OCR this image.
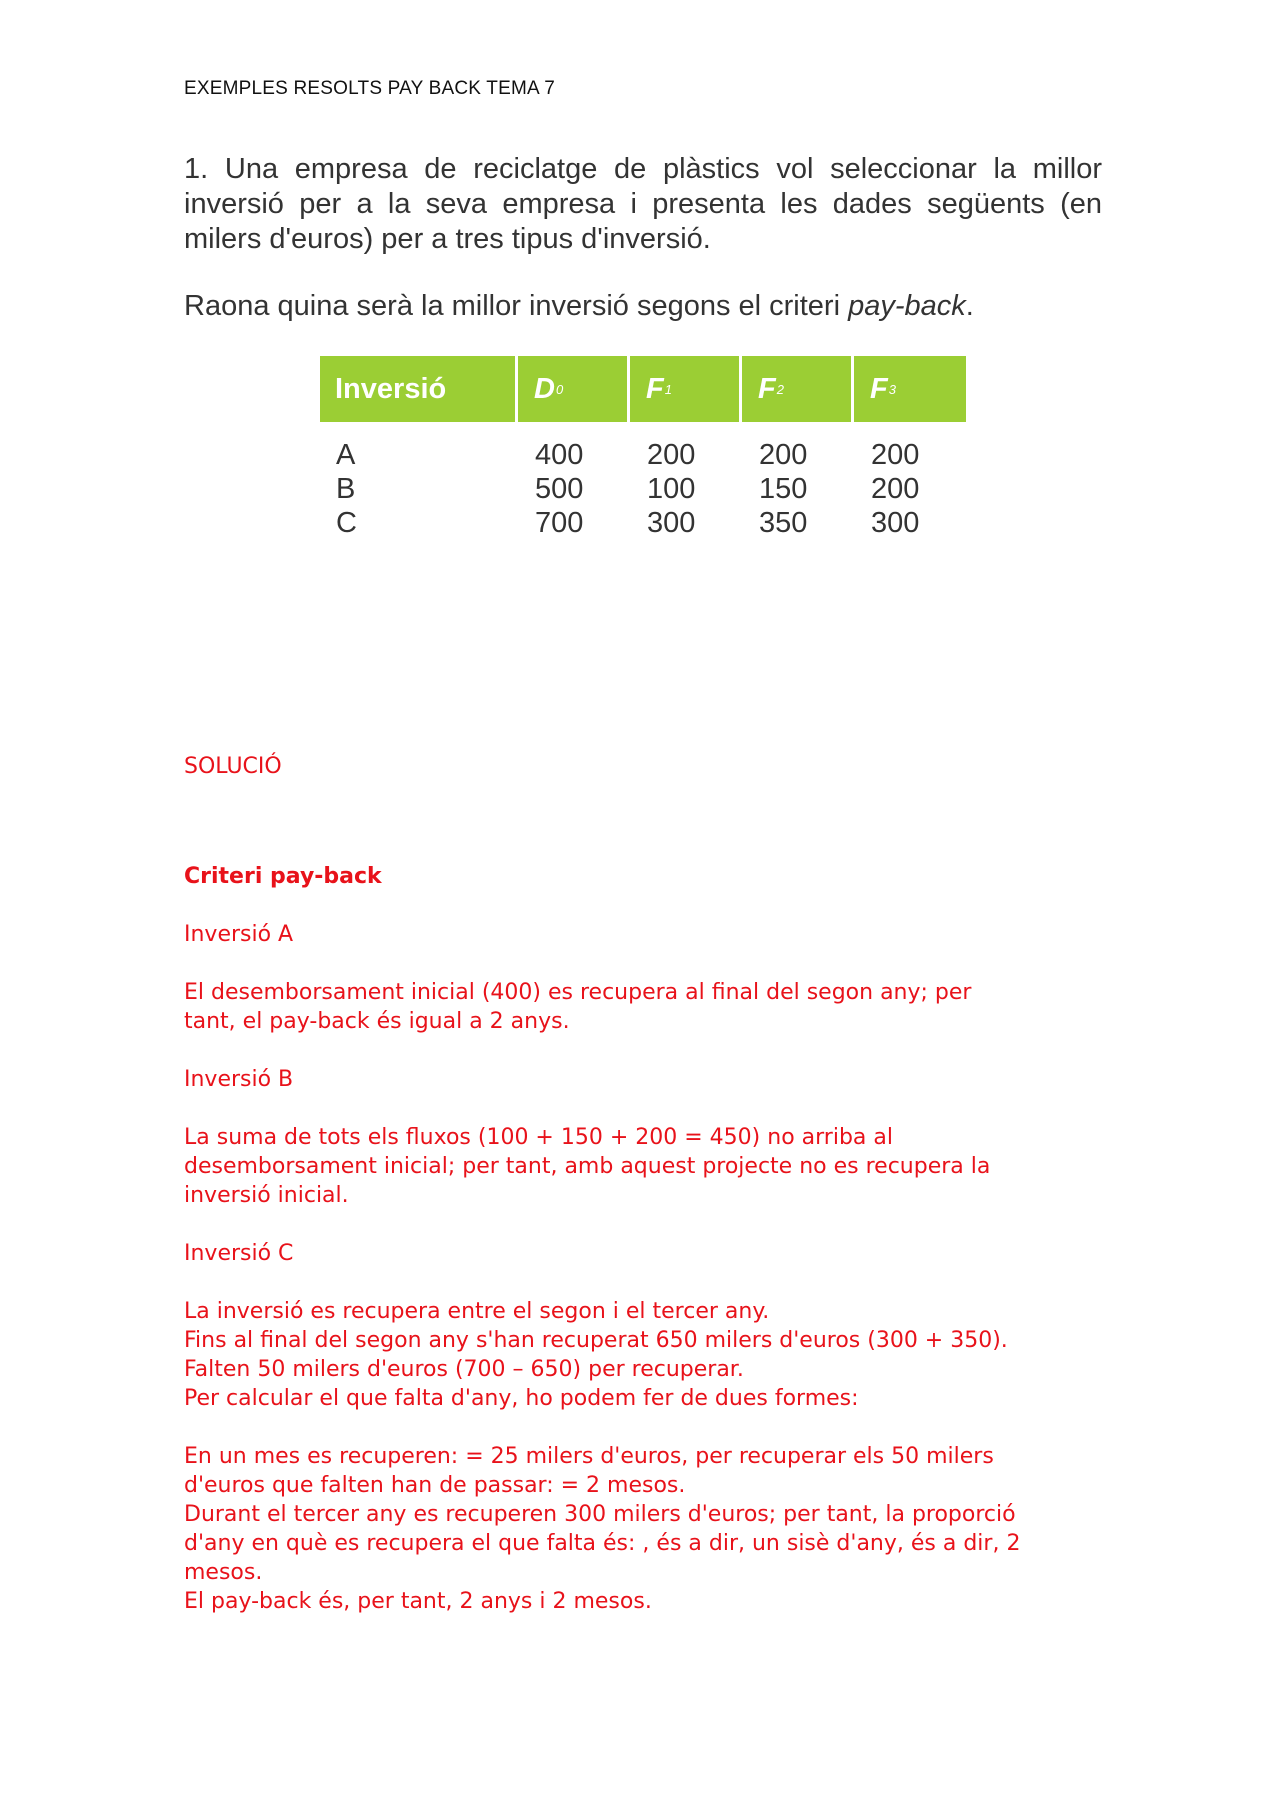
EXEMPLES RESOLTS PAY BACK TEMA 7
1. Una empresa de reciclatge de plàstics vol seleccionar la millor inversió per a la seva empresa i presenta les dades següents (en milers d'euros) per a tres tipus d'inversió.
Raona quina serà la millor inversió segons el criteri pay-back.
Inversió	D 0	F 1	F 2	F 3
A	400 200 200 200
B	500 100 150 200
C	700 300 350 300
SOLUCIÓ
Criteri pay-back
Inversió A
El desemborsament inicial (400) es recupera al final del segon any; per
tant, el pay-back és igual a 2 anys.
Inversió B
La suma de tots els fluxos (100 + 150 + 200 = 450) no arriba al
desemborsament inicial; per tant, amb aquest projecte no es recupera la
inversió inicial.
Inversió C
La inversió es recupera entre el segon i el tercer any.
Fins al final del segon any s'han recuperat 650 milers d'euros (300 + 350).
Falten 50 milers d'euros (700 – 650) per recuperar.
Per calcular el que falta d'any, ho podem fer de dues formes:
En un mes es recuperen: = 25 milers d'euros, per recuperar els 50 milers
d'euros que falten han de passar: = 2 mesos.
Durant el tercer any es recuperen 300 milers d'euros; per tant, la proporció
d'any en què es recupera el que falta és: , és a dir, un sisè d'any, és a dir, 2
mesos.
El pay-back és, per tant, 2 anys i 2 mesos.
